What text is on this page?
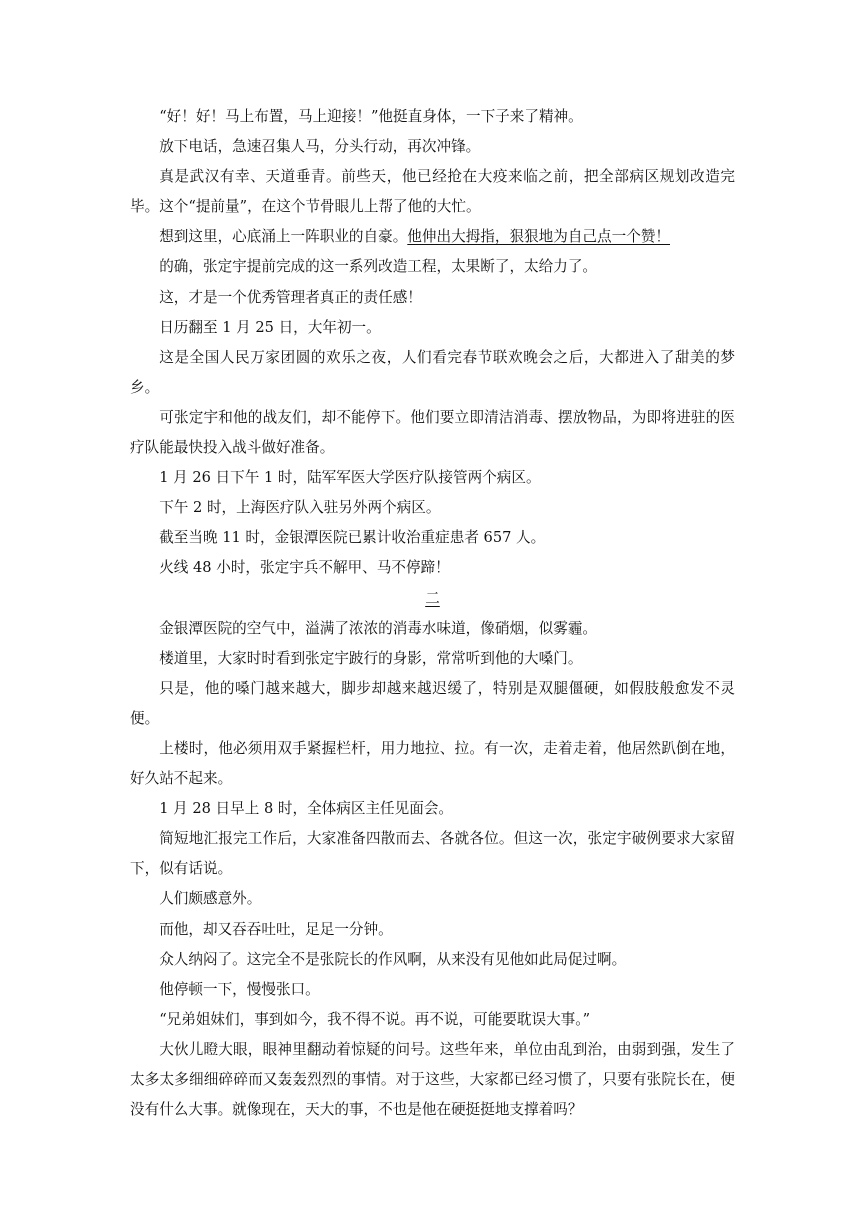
“好！好！马上布置，马上迎接！”他挺直身体，一下子来了精神。

放下电话，急速召集人马，分头行动，再次冲锋。

真是武汉有幸、天道垂青。前些天，他已经抢在大疫来临之前，把全部病区规划改造完毕。这个“提前量”，在这个节骨眼儿上帮了他的大忙。

想到这里，心底涌上一阵职业的自豪。他伸出大拇指，狠狠地为自己点一个赞！

的确，张定宇提前完成的这一系列改造工程，太果断了，太给力了。

这，才是一个优秀管理者真正的责任感！

日历翻至 1 月 25 日，大年初一。

这是全国人民万家团圆的欢乐之夜，人们看完春节联欢晚会之后，大都进入了甜美的梦乡。

可张定宇和他的战友们，却不能停下。他们要立即清洁消毒、摆放物品，为即将进驻的医疗队能最快投入战斗做好准备。

1 月 26 日下午 1 时，陆军军医大学医疗队接管两个病区。

下午 2 时，上海医疗队入驻另外两个病区。

截至当晚 11 时，金银潭医院已累计收治重症患者 657 人。

火线 48 小时，张定宇兵不解甲、马不停蹄！

二

金银潭医院的空气中，溢满了浓浓的消毒水味道，像硝烟，似雾霾。

楼道里，大家时时看到张定宇跛行的身影，常常听到他的大嗓门。

只是，他的嗓门越来越大，脚步却越来越迟缓了，特别是双腿僵硬，如假肢般愈发不灵便。

上楼时，他必须用双手紧握栏杆，用力地拉、拉。有一次，走着走着，他居然趴倒在地，好久站不起来。

1 月 28 日早上 8 时，全体病区主任见面会。

简短地汇报完工作后，大家准备四散而去、各就各位。但这一次，张定宇破例要求大家留下，似有话说。

人们颇感意外。

而他，却又吞吞吐吐，足足一分钟。

众人纳闷了。这完全不是张院长的作风啊，从来没有见他如此局促过啊。

他停顿一下，慢慢张口。

“兄弟姐妹们，事到如今，我不得不说。再不说，可能要耽误大事。”

大伙儿瞪大眼，眼神里翻动着惊疑的问号。这些年来，单位由乱到治，由弱到强，发生了太多太多细细碎碎而又轰轰烈烈的事情。对于这些，大家都已经习惯了，只要有张院长在，便没有什么大事。就像现在，天大的事，不也是他在硬挺挺地支撑着吗？
